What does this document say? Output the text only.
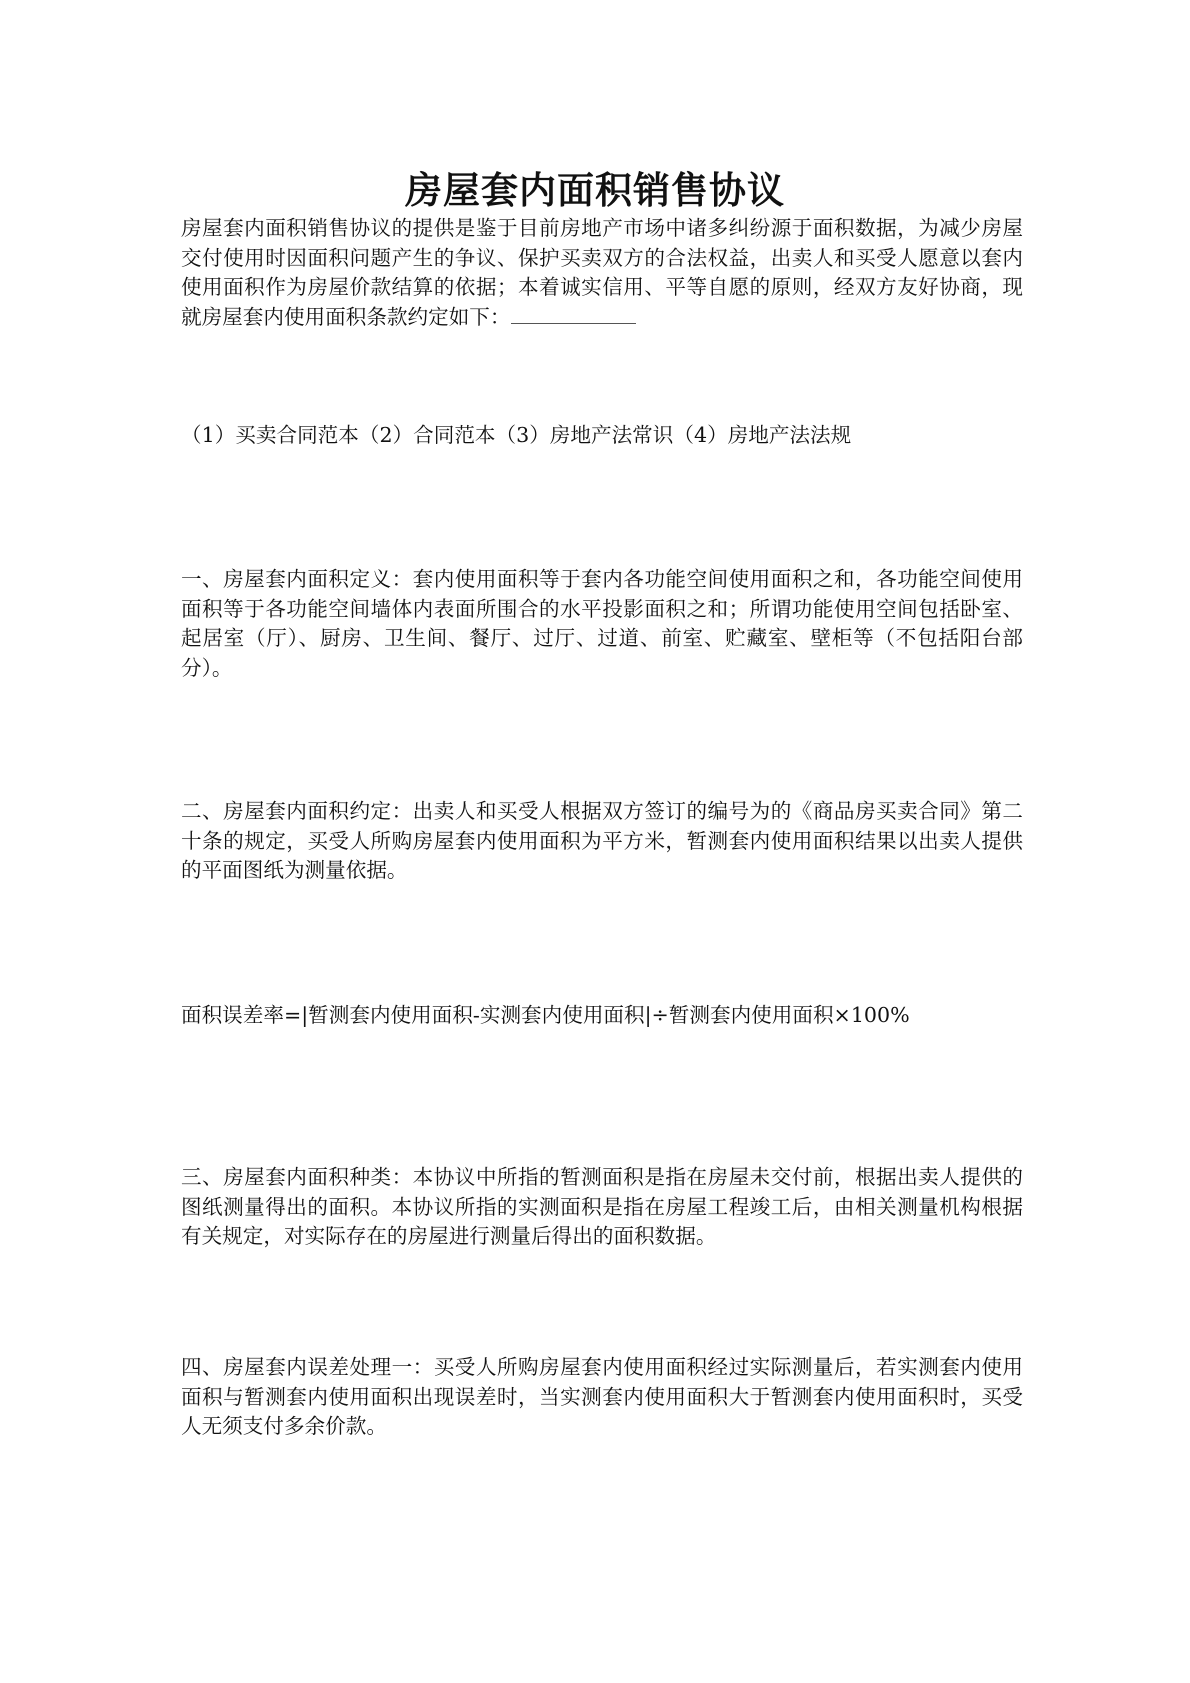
房屋套内面积销售协议
房屋套内面积销售协议的提供是鉴于目前房地产市场中诸多纠纷源于面积数据，为减少房屋交付使用时因面积问题产生的争议、保护买卖双方的合法权益，出卖人和买受人愿意以套内使用面积作为房屋价款结算的依据；本着诚实信用、平等自愿的原则，经双方友好协商，现就房屋套内使用面积条款约定如下：
（1）买卖合同范本（2）合同范本（3）房地产法常识（4）房地产法法规
一、房屋套内面积定义：套内使用面积等于套内各功能空间使用面积之和，各功能空间使用面积等于各功能空间墙体内表面所围合的水平投影面积之和；所谓功能使用空间包括卧室、起居室（厅）、厨房、卫生间、餐厅、过厅、过道、前室、贮藏室、壁柜等（不包括阳台部分）。
二、房屋套内面积约定：出卖人和买受人根据双方签订的编号为的《商品房买卖合同》第二十条的规定，买受人所购房屋套内使用面积为平方米，暂测套内使用面积结果以出卖人提供的平面图纸为测量依据。
面积误差率=|暂测套内使用面积-实测套内使用面积|÷暂测套内使用面积×100%
三、房屋套内面积种类：本协议中所指的暂测面积是指在房屋未交付前，根据出卖人提供的图纸测量得出的面积。本协议所指的实测面积是指在房屋工程竣工后，由相关测量机构根据有关规定，对实际存在的房屋进行测量后得出的面积数据。
四、房屋套内误差处理一：买受人所购房屋套内使用面积经过实际测量后，若实测套内使用面积与暂测套内使用面积出现误差时，当实测套内使用面积大于暂测套内使用面积时，买受人无须支付多余价款。
